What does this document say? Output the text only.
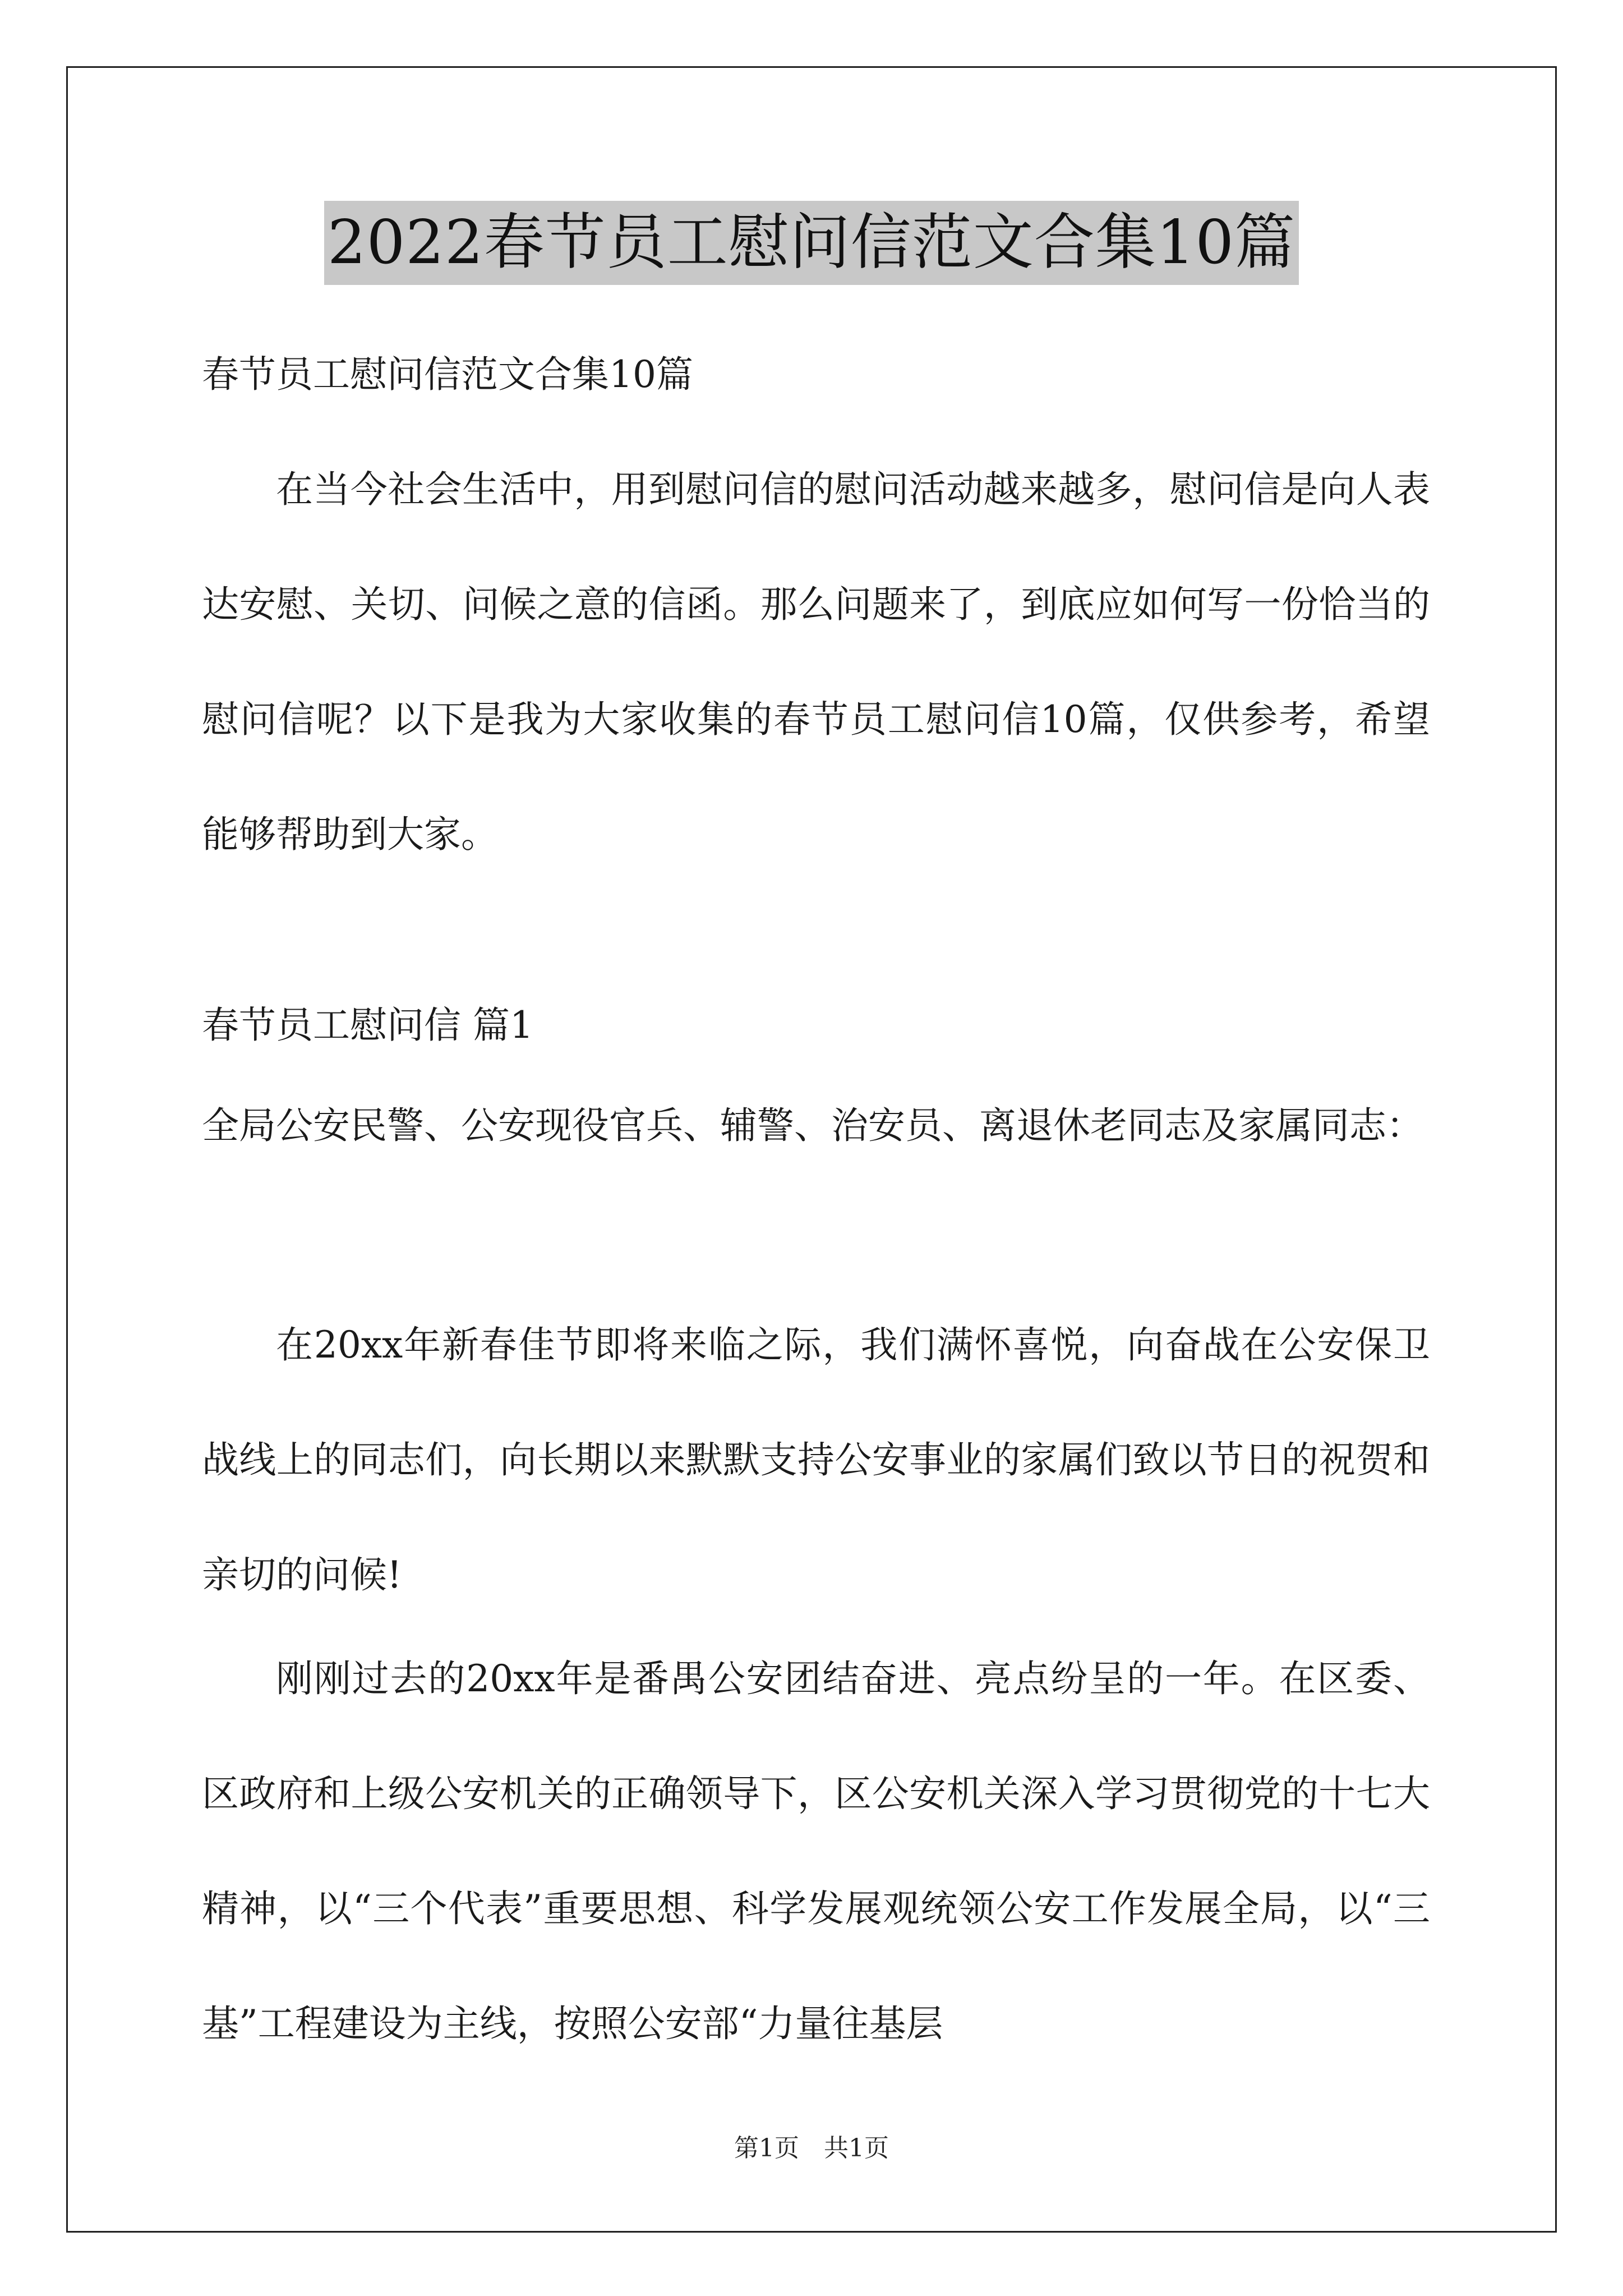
2022春节员工慰问信范文合集10篇
春节员工慰问信范文合集10篇
在当今社会生活中，用到慰问信的慰问活动越来越多，慰问信是向人表达安慰、关切、问候之意的信函。那么问题来了，到底应如何写一份恰当的慰问信呢？以下是我为大家收集的春节员工慰问信10篇，仅供参考，希望能够帮助到大家。
春节员工慰问信 篇1
全局公安民警、公安现役官兵、辅警、治安员、离退休老同志及家属同志：
在20xx年新春佳节即将来临之际，我们满怀喜悦，向奋战在公安保卫战线上的同志们，向长期以来默默支持公安事业的家属们致以节日的祝贺和亲切的问候!
刚刚过去的20xx年是番禺公安团结奋进、亮点纷呈的一年。在区委、区政府和上级公安机关的正确领导下，区公安机关深入学习贯彻党的十七大精神，以“三个代表”重要思想、科学发展观统领公安工作发展全局，以“三基”工程建设为主线，按照公安部“力量往基层
第1页　共1页
